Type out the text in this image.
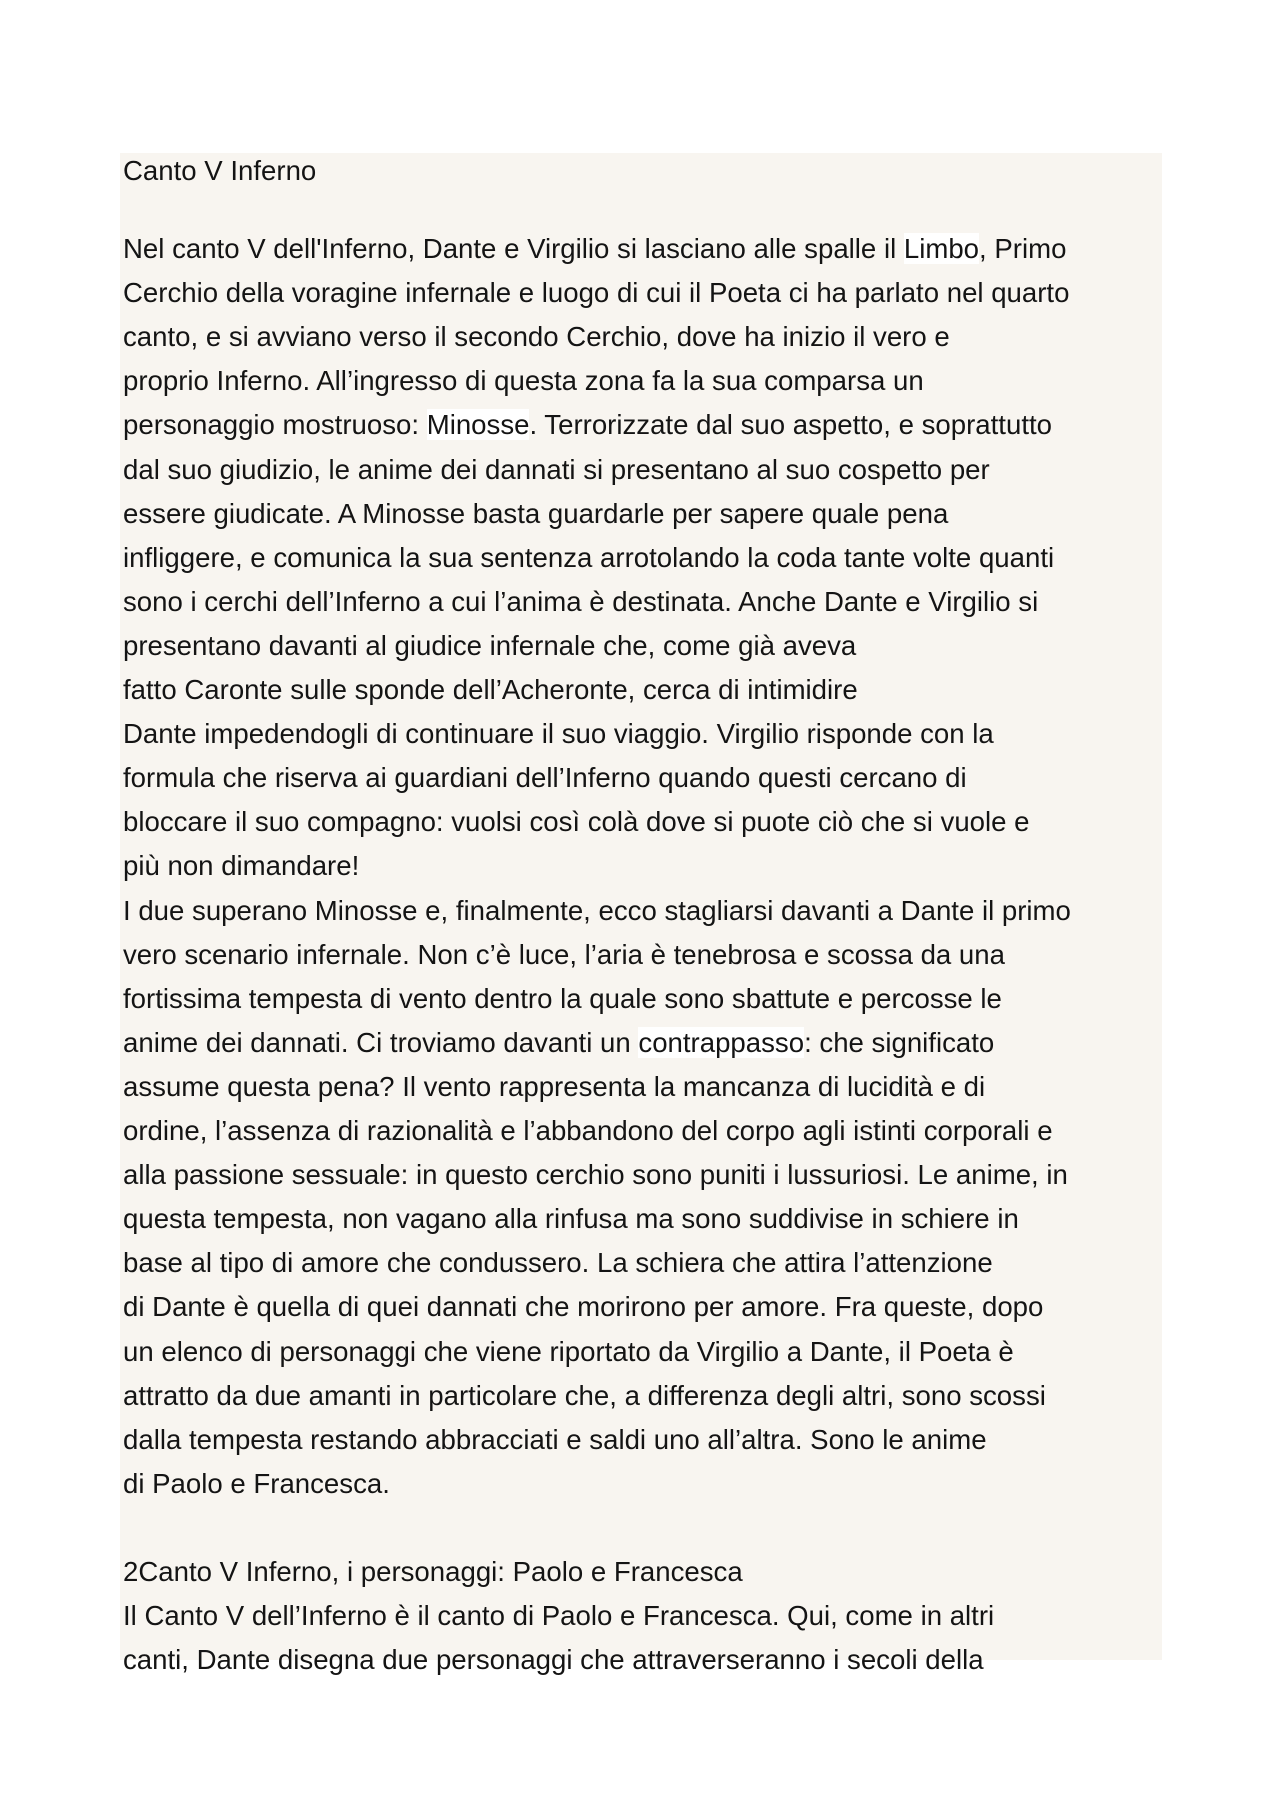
Canto V Inferno
Nel canto V dell'Inferno, Dante e Virgilio si lasciano alle spalle il Limbo, Primo
Cerchio della voragine infernale e luogo di cui il Poeta ci ha parlato nel quarto
canto, e si avviano verso il secondo Cerchio, dove ha inizio il vero e
proprio Inferno. All’ingresso di questa zona fa la sua comparsa un
personaggio mostruoso: Minosse. Terrorizzate dal suo aspetto, e soprattutto
dal suo giudizio, le anime dei dannati si presentano al suo cospetto per
essere giudicate. A Minosse basta guardarle per sapere quale pena
infliggere, e comunica la sua sentenza arrotolando la coda tante volte quanti
sono i cerchi dell’Inferno a cui l’anima è destinata. Anche Dante e Virgilio si
presentano davanti al giudice infernale che, come già aveva
fatto Caronte sulle sponde dell’Acheronte, cerca di intimidire
Dante impedendogli di continuare il suo viaggio. Virgilio risponde con la
formula che riserva ai guardiani dell’Inferno quando questi cercano di
bloccare il suo compagno: vuolsi così colà dove si puote ciò che si vuole e
più non dimandare!
I due superano Minosse e, finalmente, ecco stagliarsi davanti a Dante il primo
vero scenario infernale. Non c’è luce, l’aria è tenebrosa e scossa da una
fortissima tempesta di vento dentro la quale sono sbattute e percosse le
anime dei dannati. Ci troviamo davanti un contrappasso: che significato
assume questa pena? Il vento rappresenta la mancanza di lucidità e di
ordine, l’assenza di razionalità e l’abbandono del corpo agli istinti corporali e
alla passione sessuale: in questo cerchio sono puniti i lussuriosi. Le anime, in
questa tempesta, non vagano alla rinfusa ma sono suddivise in schiere in
base al tipo di amore che condussero. La schiera che attira l’attenzione
di Dante è quella di quei dannati che morirono per amore. Fra queste, dopo
un elenco di personaggi che viene riportato da Virgilio a Dante, il Poeta è
attratto da due amanti in particolare che, a differenza degli altri, sono scossi
dalla tempesta restando abbracciati e saldi uno all’altra. Sono le anime
di Paolo e Francesca.
2Canto V Inferno, i personaggi: Paolo e Francesca
Il Canto V dell’Inferno è il canto di Paolo e Francesca. Qui, come in altri
canti, Dante disegna due personaggi che attraverseranno i secoli della
